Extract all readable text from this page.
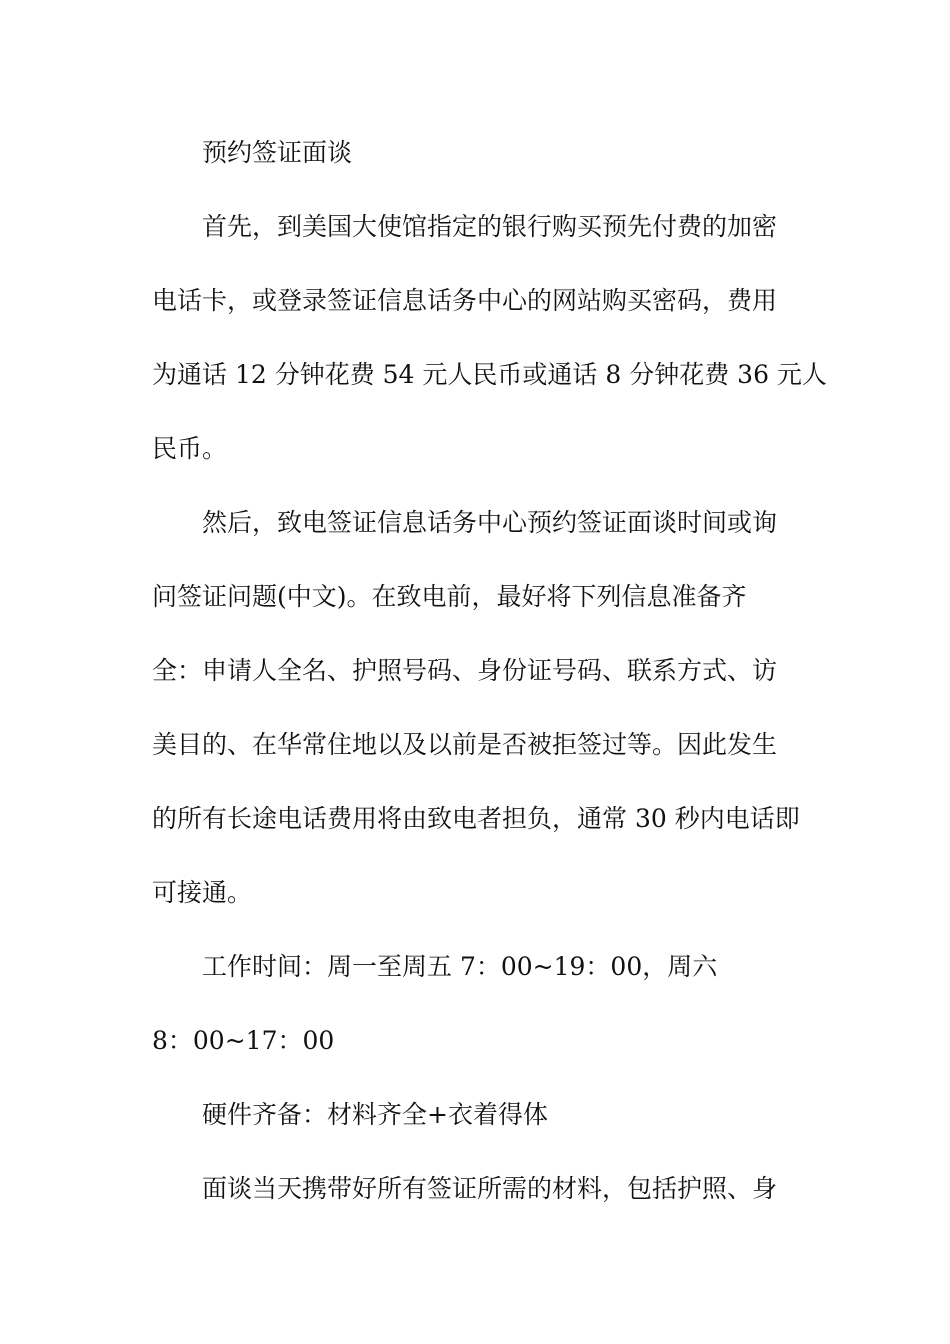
预约签证面谈

首先，到美国大使馆指定的银行购买预先付费的加密
电话卡，或登录签证信息话务中心的网站购买密码，费用
为通话 12 分钟花费 54 元人民币或通话 8 分钟花费 36 元人
民币。

然后，致电签证信息话务中心预约签证面谈时间或询
问签证问题(中文)。在致电前，最好将下列信息准备齐
全：申请人全名、护照号码、身份证号码、联系方式、访
美目的、在华常住地以及以前是否被拒签过等。因此发生
的所有长途电话费用将由致电者担负，通常 30 秒内电话即
可接通。

工作时间：周一至周五 7：00~19：00，周六
8：00~17：00

硬件齐备：材料齐全+衣着得体

面谈当天携带好所有签证所需的材料，包括护照、身
